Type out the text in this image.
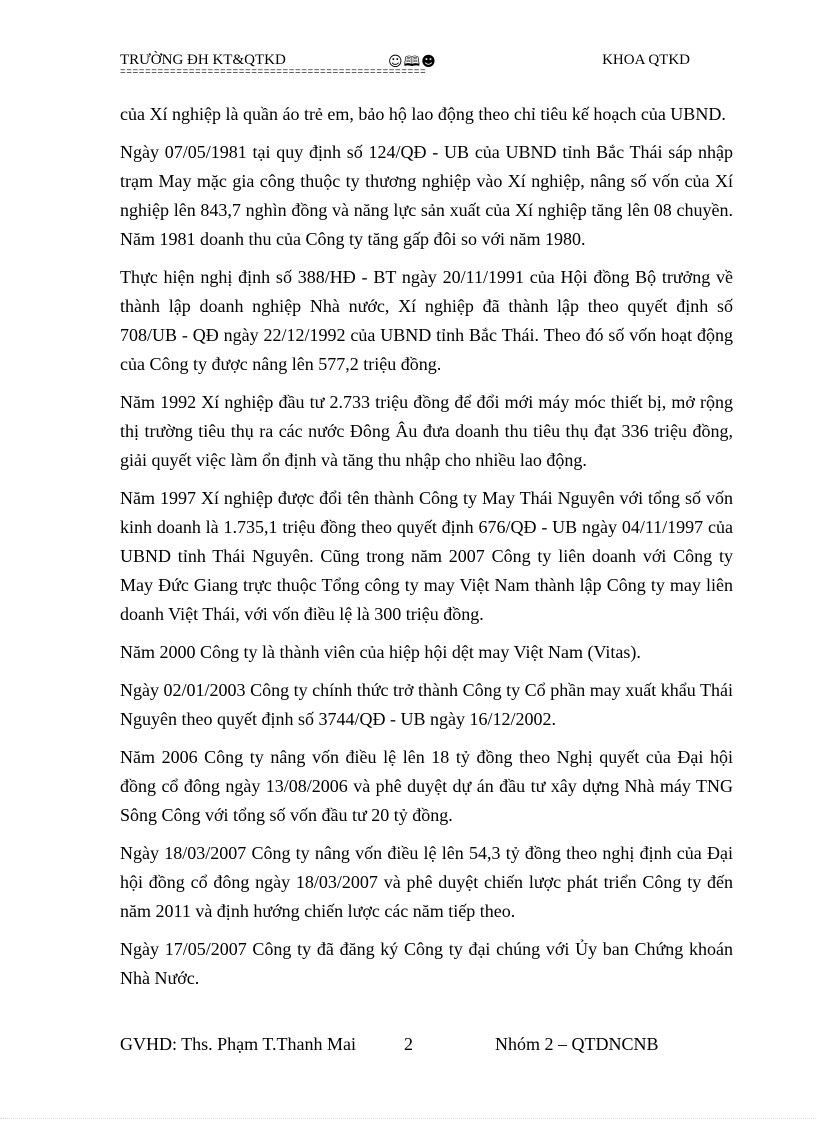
TRƯỜNG ĐH KT&QTKD	☺🕮☻	KHOA QTKD
=================================================

của Xí nghiệp là quần áo trẻ em, bảo hộ lao động theo chỉ tiêu kế hoạch của UBND.

Ngày 07/05/1981 tại quy định số 124/QĐ - UB của UBND tỉnh Bắc Thái sáp nhập trạm May mặc gia công thuộc ty thương nghiệp vào Xí nghiệp, nâng số vốn của Xí nghiệp lên 843,7 nghìn đồng và năng lực sản xuất của Xí nghiệp tăng lên 08 chuyền. Năm 1981 doanh thu của Công ty tăng gấp đôi so với năm 1980.

Thực hiện nghị định số 388/HĐ - BT ngày 20/11/1991 của Hội đồng Bộ trưởng về thành lập doanh nghiệp Nhà nước, Xí nghiệp đã thành lập theo quyết định số 708/UB - QĐ ngày 22/12/1992 của UBND tỉnh Bắc Thái. Theo đó số vốn hoạt động của Công ty được nâng lên 577,2 triệu đồng.

Năm 1992 Xí nghiệp đầu tư 2.733 triệu đồng để đổi mới máy móc thiết bị, mở rộng thị trường tiêu thụ ra các nước Đông Âu đưa doanh thu tiêu thụ đạt 336 triệu đồng, giải quyết việc làm ổn định và tăng thu nhập cho nhiều lao động.

Năm 1997 Xí nghiệp được đổi tên thành Công ty May Thái Nguyên với tổng số vốn kinh doanh là 1.735,1 triệu đồng theo quyết định 676/QĐ - UB ngày 04/11/1997 của UBND tỉnh Thái Nguyên. Cũng trong năm 2007 Công ty liên doanh với Công ty May Đức Giang trực thuộc Tổng công ty may Việt Nam thành lập Công ty may liên doanh Việt Thái, với vốn điều lệ là 300 triệu đồng.

Năm 2000 Công ty là thành viên của hiệp hội dệt may Việt Nam (Vitas).

Ngày 02/01/2003 Công ty chính thức trở thành Công ty Cổ phần may xuất khẩu Thái Nguyên theo quyết định số 3744/QĐ - UB ngày 16/12/2002.

Năm 2006 Công ty nâng vốn điều lệ lên 18 tỷ đồng theo Nghị quyết của Đại hội đồng cổ đông ngày 13/08/2006 và phê duyệt dự án đầu tư xây dựng Nhà máy TNG Sông Công với tổng số vốn đầu tư 20 tỷ đồng.

Ngày 18/03/2007 Công ty nâng vốn điều lệ lên 54,3 tỷ đồng theo nghị định của Đại hội đồng cổ đông ngày 18/03/2007 và phê duyệt chiến lược phát triển Công ty đến năm 2011 và định hướng chiến lược các năm tiếp theo.

Ngày 17/05/2007 Công ty đã đăng ký Công ty đại chúng với Ủy ban Chứng khoán Nhà Nước.

GVHD: Ths. Phạm T.Thanh Mai	2	Nhóm 2 – QTDNCNB
